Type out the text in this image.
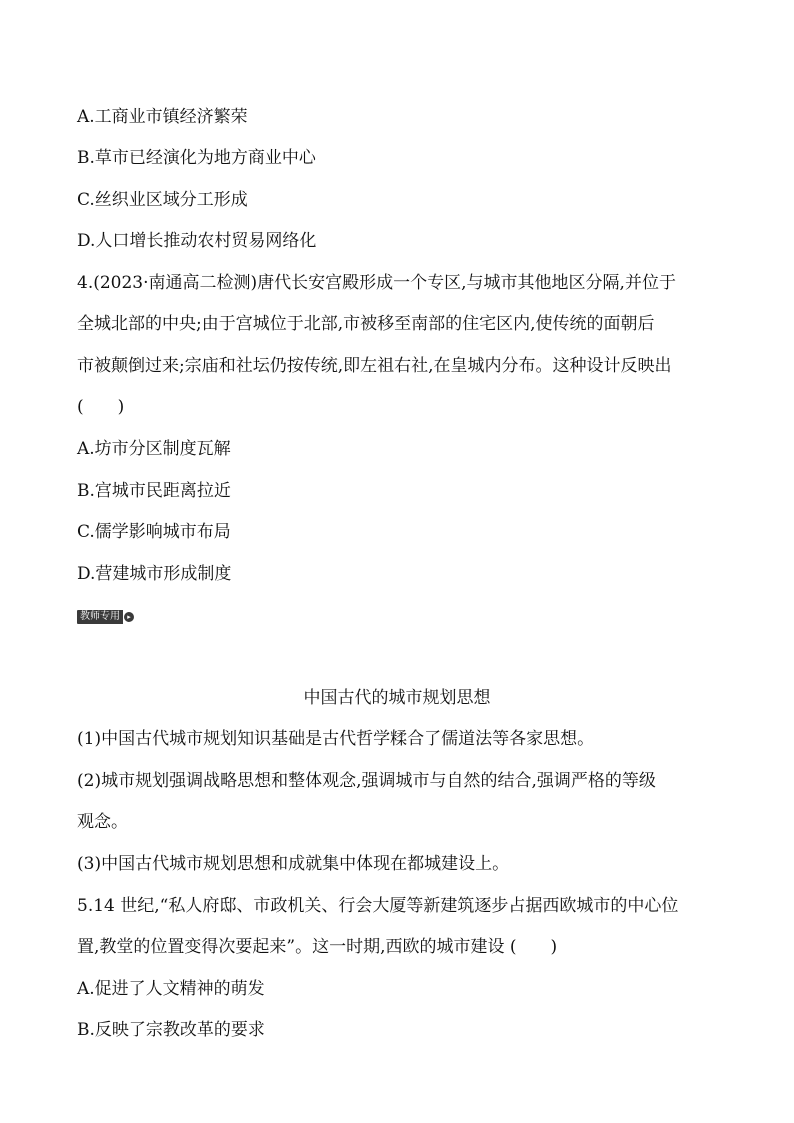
A.工商业市镇经济繁荣
B.草市已经演化为地方商业中心
C.丝织业区域分工形成
D.人口增长推动农村贸易网络化
4.(2023·南通高二检测)唐代长安宫殿形成一个专区,与城市其他地区分隔,并位于
全城北部的中央;由于宫城位于北部,市被移至南部的住宅区内,使传统的面朝后
市被颠倒过来;宗庙和社坛仍按传统,即左祖右社,在皇城内分布。这种设计反映出
(　　)
A.坊市分区制度瓦解
B.宫城市民距离拉近
C.儒学影响城市布局
D.营建城市形成制度
教师专用	▸
中国古代的城市规划思想
(1)中国古代城市规划知识基础是古代哲学糅合了儒道法等各家思想。
(2)城市规划强调战略思想和整体观念,强调城市与自然的结合,强调严格的等级
观念。
(3)中国古代城市规划思想和成就集中体现在都城建设上。
5.14 世纪,“私人府邸、市政机关、行会大厦等新建筑逐步占据西欧城市的中心位
置,教堂的位置变得次要起来”。这一时期,西欧的城市建设 (　　)
A.促进了人文精神的萌发
B.反映了宗教改革的要求
